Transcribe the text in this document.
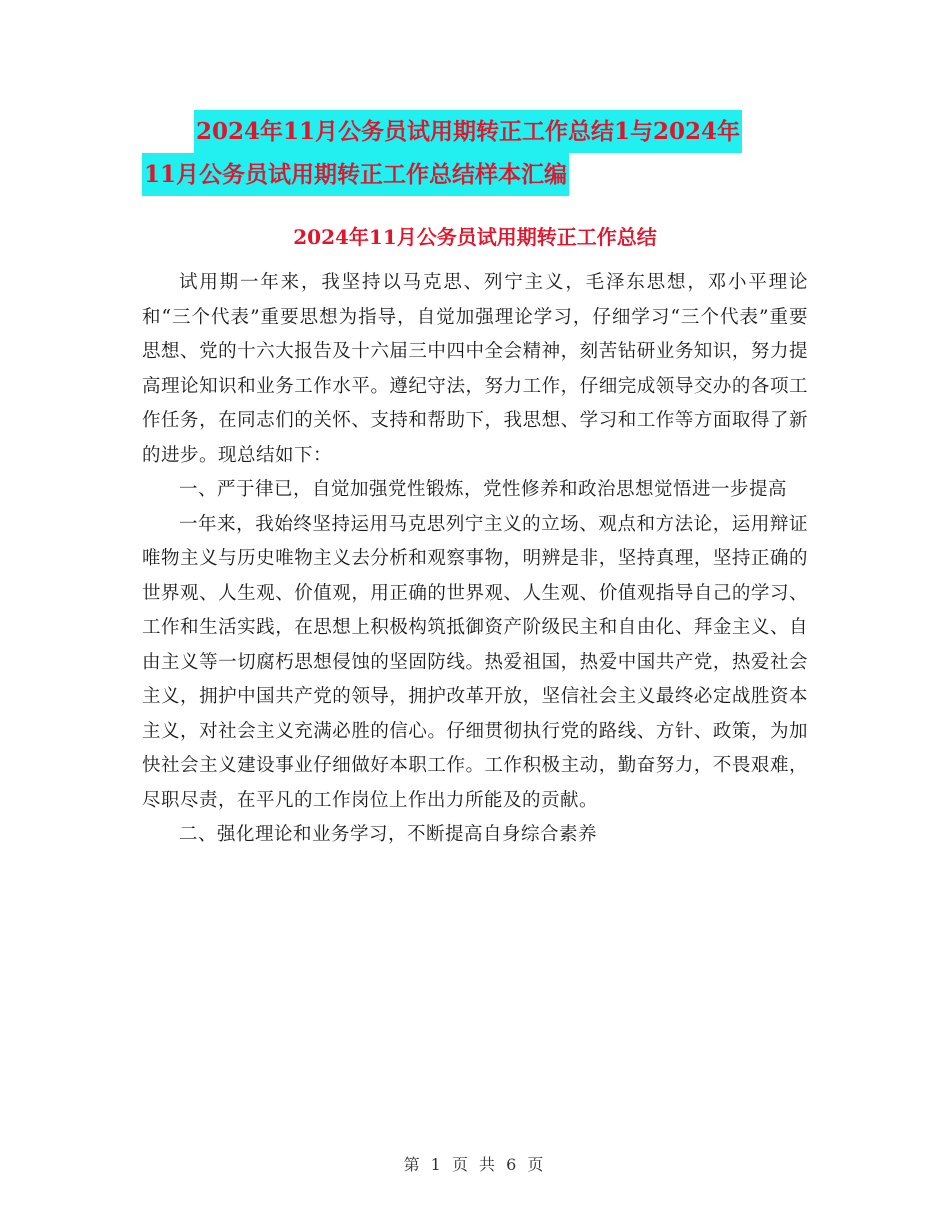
2024年11月公务员试用期转正工作总结1与2024年
11月公务员试用期转正工作总结样本汇编
2024年11月公务员试用期转正工作总结

试用期一年来，我坚持以马克思、列宁主义，毛泽东思想，邓小平理论和“三个代表”重要思想为指导，自觉加强理论学习，仔细学习“三个代表”重要思想、党的十六大报告及十六届三中四中全会精神，刻苦钻研业务知识，努力提高理论知识和业务工作水平。遵纪守法，努力工作，仔细完成领导交办的各项工作任务，在同志们的关怀、支持和帮助下，我思想、学习和工作等方面取得了新的进步。现总结如下：

一、严于律已，自觉加强党性锻炼，党性修养和政治思想觉悟进一步提高

一年来，我始终坚持运用马克思列宁主义的立场、观点和方法论，运用辩证唯物主义与历史唯物主义去分析和观察事物，明辨是非，坚持真理，坚持正确的世界观、人生观、价值观，用正确的世界观、人生观、价值观指导自己的学习、工作和生活实践，在思想上积极构筑抵御资产阶级民主和自由化、拜金主义、自由主义等一切腐朽思想侵蚀的坚固防线。热爱祖国，热爱中国共产党，热爱社会主义，拥护中国共产党的领导，拥护改革开放，坚信社会主义最终必定战胜资本主义，对社会主义充满必胜的信心。仔细贯彻执行党的路线、方针、政策，为加快社会主义建设事业仔细做好本职工作。工作积极主动，勤奋努力，不畏艰难，尽职尽责，在平凡的工作岗位上作出力所能及的贡献。

二、强化理论和业务学习，不断提高自身综合素养

第 1 页 共 6 页
